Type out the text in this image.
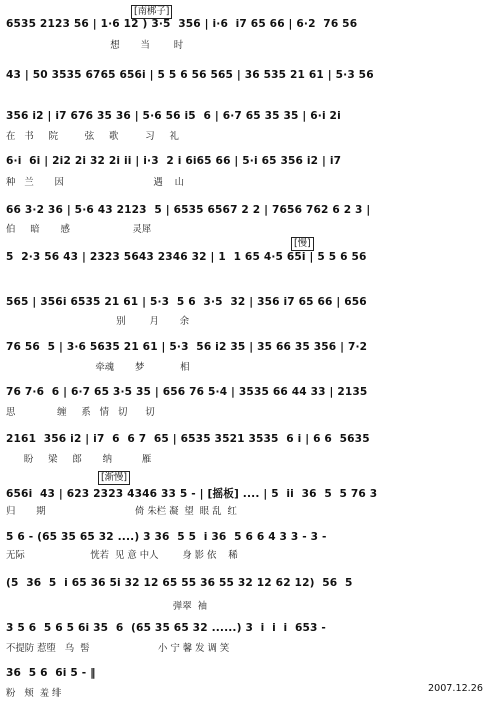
[南梆子]
[慢]
[渐慢]
6535 2123 56 | 1·6 12 ) 3·5  356 | i·6  i7 65 66 | 6·2  76 56
想       当        时
43 | 50 3535 6765 656i | 5 5 6 56 565 | 36 535 21 61 | 5·3 56
356 i2 | i7 676 35 36 | 5·6 56 i5  6 | 6·7 65 35 35 | 6·i 2i
在   书     院         弦     歌         习     礼
6·i  6i | 2i2 2i 32 2i ii | i·3  2 i 6i65 66 | 5·i 65 356 i2 | i7
种   兰       因                              遇    山
66 3·2 36 | 5·6 43 2123  5 | 6535 6567 2 2 | 7656 762 6 2 3 |
伯     暗       感                     灵犀
5  2·3 56 43 | 2323 5643 2346 32 | 1  1 65 4·5 65i | 5 5 6 56
565 | 356i 6535 21 61 | 5·3  5 6  3·5  32 | 356 i7 65 66 | 656
别        月       余
76 56  5 | 3·6 5635 21 61 | 5·3  56 i2 35 | 35 66 35 356 | 7·2
牵魂       梦            相
76 7·6  6 | 6·7 65 3·5 35 | 656 76 5·4 | 3535 66 44 33 | 2135
思              缠     系   情   切      切
2161  356 i2 | i7  6  6 7  65 | 6535 3521 3535  6 i | 6 6  5635
盼     梁     郎       纳          雁
656i  43 | 623 2323 4346 33 5 - | [摇板] .... | 5  ii  36  5  5 76 3
归       期                              倚 朱栏 凝  望  眼 乱  红
5 6 - (65 35 65 32 ....) 3 36  5 5  i 36  5 6 6 4 3 3 - 3 -
无际                      恍若  见 意 中人        身 影 依    稀
(5  36  5  i 65 36 5i 32 12 65 55 36 55 32 12 62 12)  56  5
弹翠  袖
3 5 6  5 6 5 6i 35  6  (65 35 65 32 ......) 3  i  i  i  653 -
不提防 惹堕   乌  髻                       小 宁 馨 发 调 笑
36  5 6  6i 5 - ‖
粉   颊  羞 绯	2007.12.26
